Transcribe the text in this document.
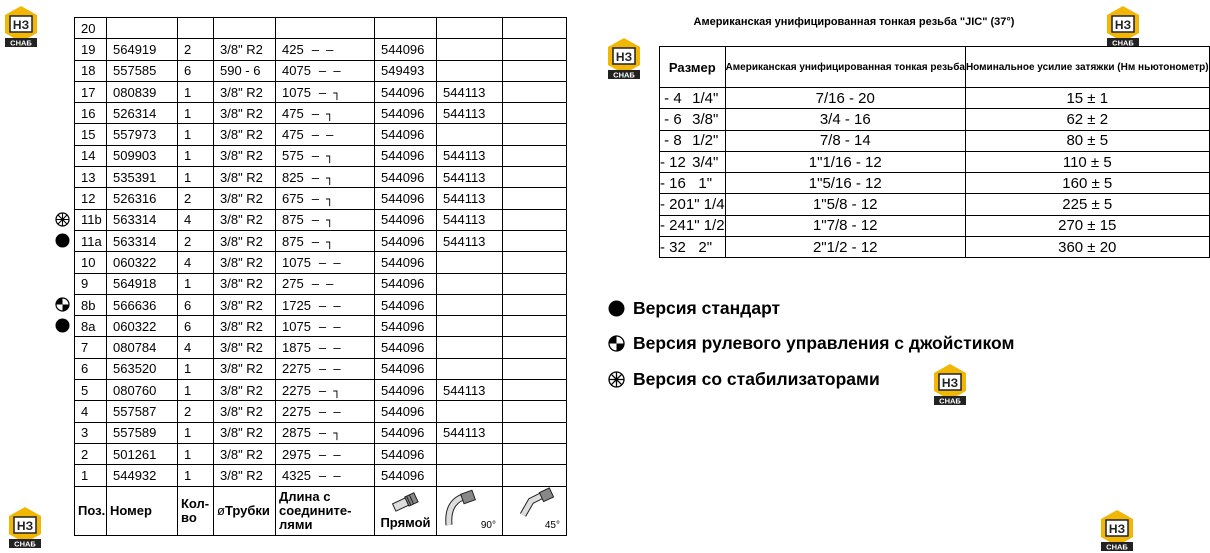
НЗ
СНАБ
НЗ
СНАБ
НЗ
СНАБ
НЗ
СНАБ
НЗ
СНАБ
НЗ
СНАБ
20							
19	564919	2	3/8" R2	425 — —	544096		
18	557585	6	590 - 6	4075 — —	549493		
17	080839	1	3/8" R2	1075 — ┐	544096	544113	
16	526314	1	3/8" R2	475 — ┐	544096	544113	
15	557973	1	3/8" R2	475 — —	544096		
14	509903	1	3/8" R2	575 — ┐	544096	544113	
13	535391	1	3/8" R2	825 — ┐	544096	544113	
12	526316	2	3/8" R2	675 — ┐	544096	544113	
11b	563314	4	3/8" R2	875 — ┐	544096	544113	
11a	563314	2	3/8" R2	875 — ┐	544096	544113	
10	060322	4	3/8" R2	1075 — —	544096		
9	564918	1	3/8" R2	275 — —	544096		
8b	566636	6	3/8" R2	1725 — —	544096		
8a	060322	6	3/8" R2	1075 — —	544096		
7	080784	4	3/8" R2	1875 — —	544096		
6	563520	1	3/8" R2	2275 — —	544096		
5	080760	1	3/8" R2	2275 — ┐	544096	544113	
4	557587	2	3/8" R2	2275 — —	544096		
3	557589	1	3/8" R2	2875 — ┐	544096	544113	
2	501261	1	3/8" R2	2975 — —	544096		
1	544932	1	3/8" R2	4325 — —	544096		
Поз.	Номер	Кол-во	øТрубки	Длина с соедините-лями	Прямой	90°	45°
Американская унифицированная тонкая резьба "JIC" (37°)
Размер		Американская унифицированная тонкая резьба	Номинальное усилие затяжки (Нм ньютонометр)
- 4	1/4"	7/16 - 20	15 ± 1
- 6	3/8"	3/4 - 16	62 ± 2
- 8	1/2"	7/8 - 14	80 ± 5
- 12	3/4"	1"1/16 - 12	110 ± 5
- 16	1"	1"5/16 - 12	160 ± 5
- 20	1" 1/4	1"5/8 - 12	225 ± 5
- 24	1" 1/2	1"7/8 - 12	270 ± 15
- 32	2"	2"1/2 - 12	360 ± 20
Версия стандарт
Версия рулевого управления с джойстиком
Версия со стабилизаторами
